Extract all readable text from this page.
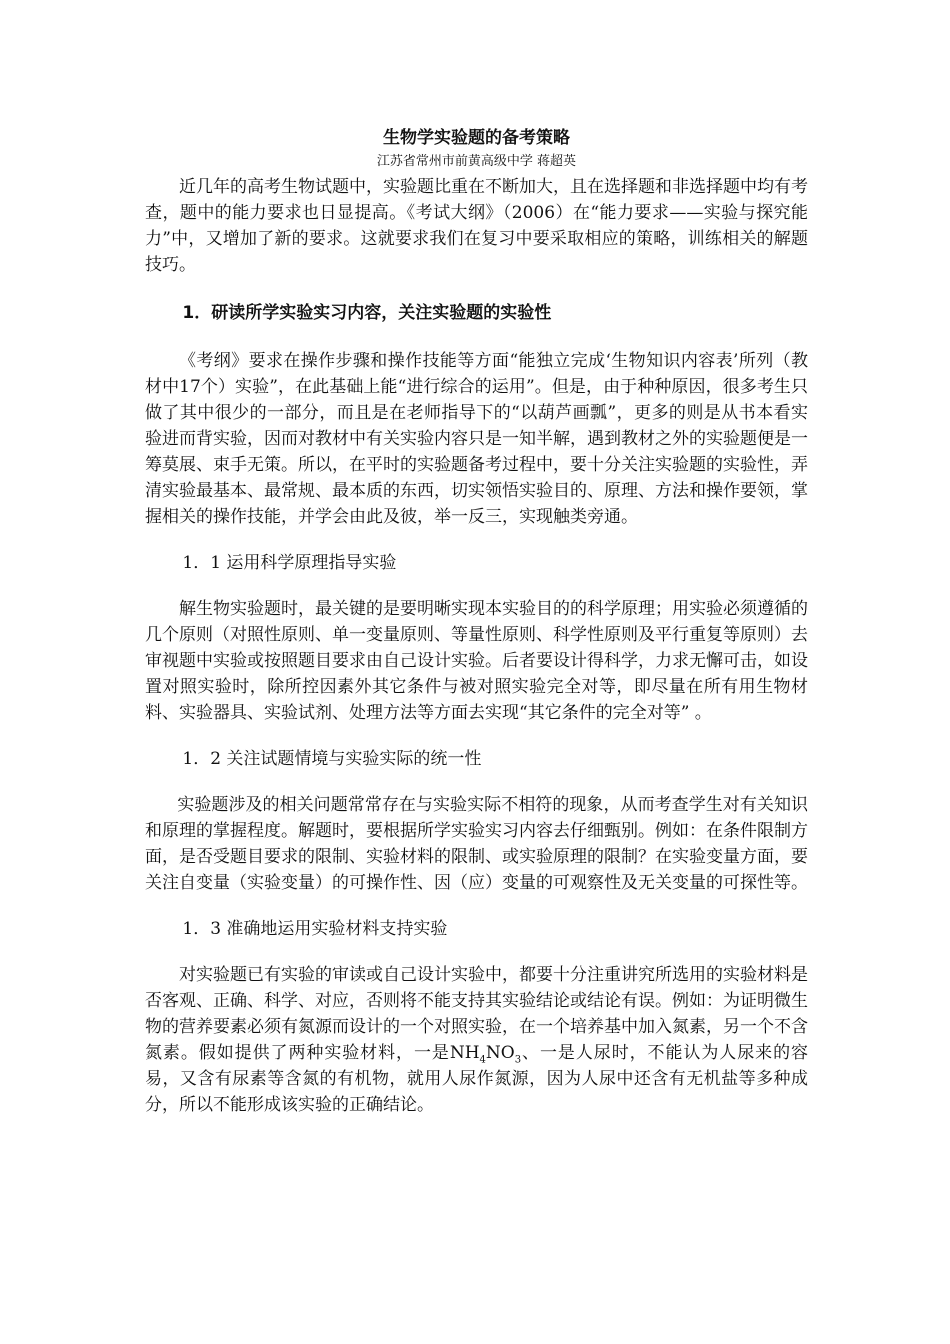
生物学实验题的备考策略
江苏省常州市前黄高级中学 蒋超英

近几年的高考生物试题中，实验题比重在不断加大，且在选择题和非选择题中均有考查，题中的能力要求也日显提高。《考试大纲》（2006）在“能力要求——实验与探究能力”中，又增加了新的要求。这就要求我们在复习中要采取相应的策略，训练相关的解题技巧。

1．研读所学实验实习内容，关注实验题的实验性

《考纲》要求在操作步骤和操作技能等方面“能独立完成‘生物知识内容表’所列（教材中17个）实验”，在此基础上能“进行综合的运用”。但是，由于种种原因，很多考生只做了其中很少的一部分，而且是在老师指导下的“以葫芦画瓢”，更多的则是从书本看实验进而背实验，因而对教材中有关实验内容只是一知半解，遇到教材之外的实验题便是一筹莫展、束手无策。所以，在平时的实验题备考过程中，要十分关注实验题的实验性，弄清实验最基本、最常规、最本质的东西，切实领悟实验目的、原理、方法和操作要领，掌握相关的操作技能，并学会由此及彼，举一反三，实现触类旁通。

1．1 运用科学原理指导实验

解生物实验题时，最关键的是要明晰实现本实验目的的科学原理；用实验必须遵循的几个原则（对照性原则、单一变量原则、等量性原则、科学性原则及平行重复等原则）去审视题中实验或按照题目要求由自己设计实验。后者要设计得科学，力求无懈可击，如设置对照实验时，除所控因素外其它条件与被对照实验完全对等，即尽量在所有用生物材料、实验器具、实验试剂、处理方法等方面去实现“其它条件的完全对等” 。

1．2 关注试题情境与实验实际的统一性

实验题涉及的相关问题常常存在与实验实际不相符的现象，从而考查学生对有关知识和原理的掌握程度。解题时，要根据所学实验实习内容去仔细甄别。例如：在条件限制方面，是否受题目要求的限制、实验材料的限制、或实验原理的限制？在实验变量方面，要关注自变量（实验变量）的可操作性、因（应）变量的可观察性及无关变量的可探性等。

1．3 准确地运用实验材料支持实验

对实验题已有实验的审读或自己设计实验中，都要十分注重讲究所选用的实验材料是否客观、正确、科学、对应，否则将不能支持其实验结论或结论有误。例如：为证明微生物的营养要素必须有氮源而设计的一个对照实验，在一个培养基中加入氮素，另一个不含氮素。假如提供了两种实验材料，一是$NH_4NO_3$、一是人尿时，不能认为人尿来的容易，又含有尿素等含氮的有机物，就用人尿作氮源，因为人尿中还含有无机盐等多种成分，所以不能形成该实验的正确结论。
